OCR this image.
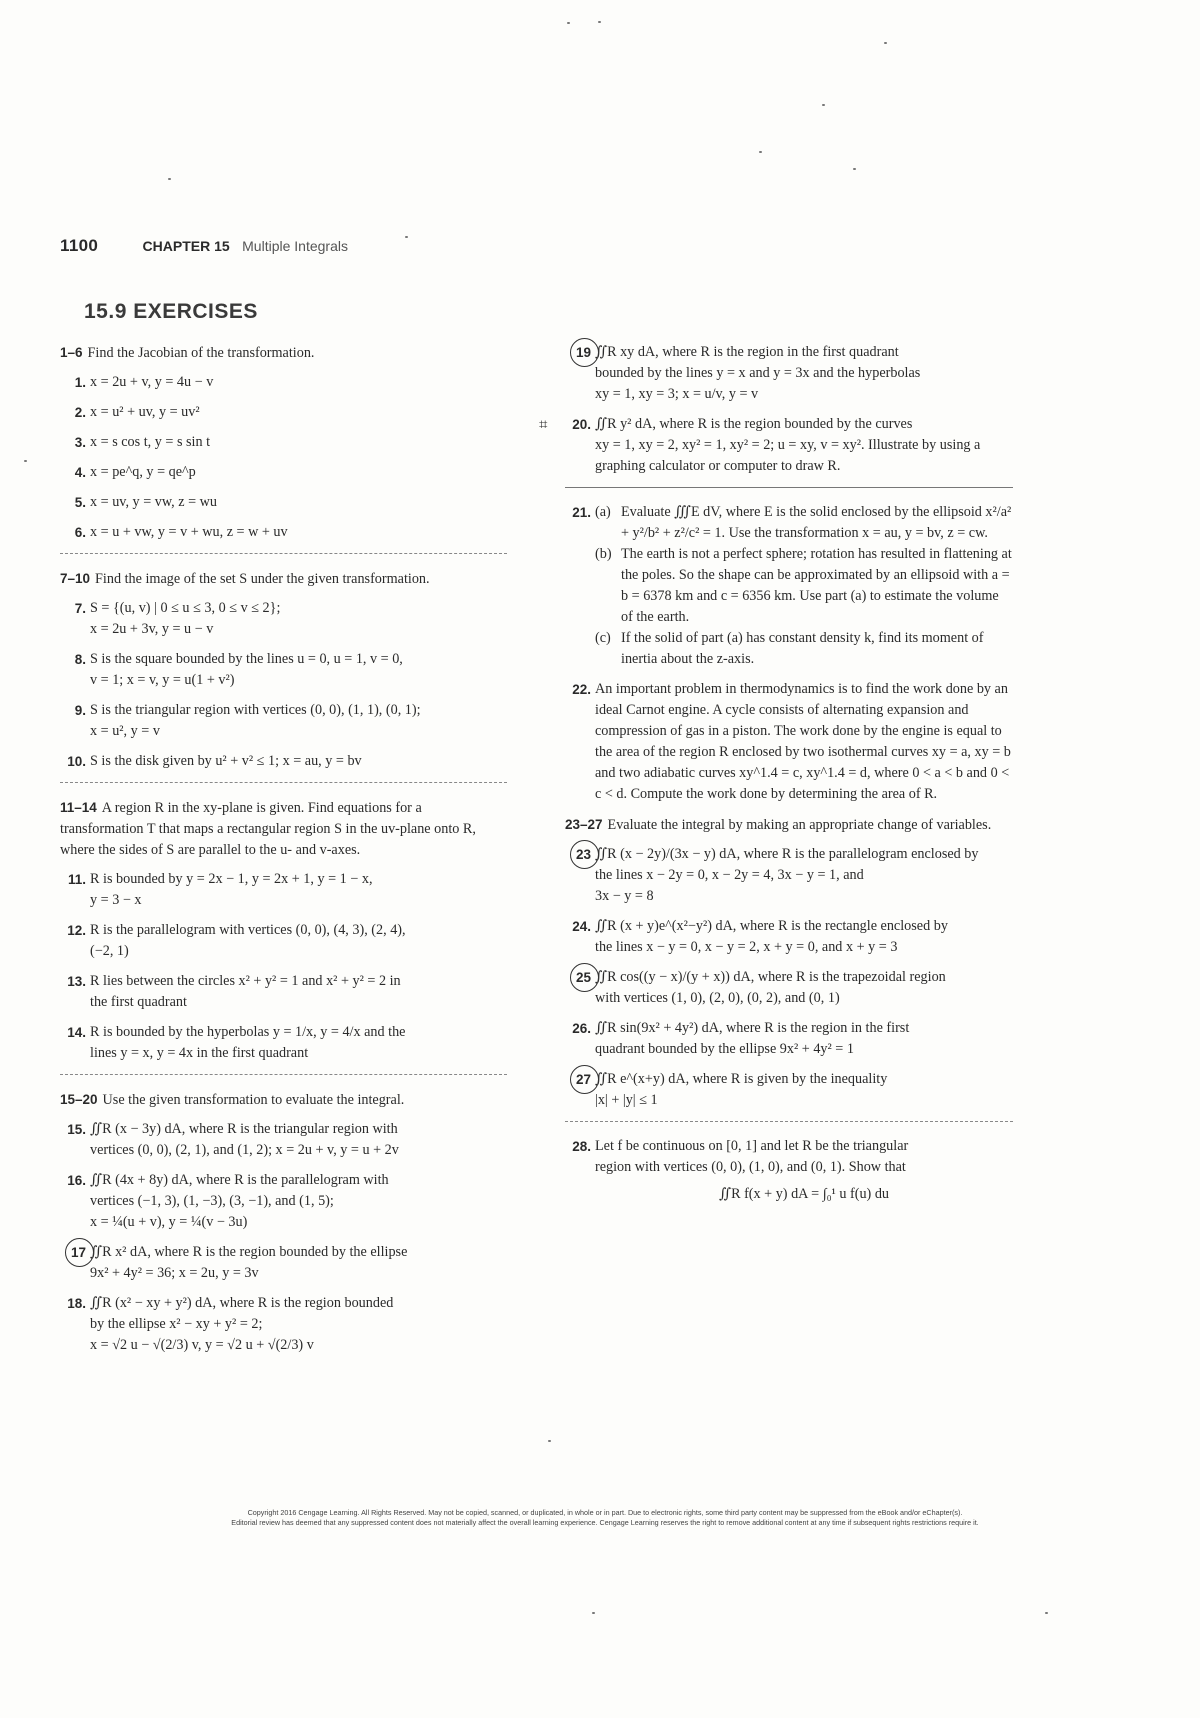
1100	CHAPTER 15 Multiple Integrals
15.9 EXERCISES
1–6 Find the Jacobian of the transformation.
1. x = 2u + v, y = 4u − v
2. x = u² + uv, y = uv²
3. x = s cos t, y = s sin t
4. x = pe^q, y = qe^p
5. x = uv, y = vw, z = wu
6. x = u + vw, y = v + wu, z = w + uv
7–10 Find the image of the set S under the given transformation.
7. S = {(u, v) | 0 ≤ u ≤ 3, 0 ≤ v ≤ 2};
x = 2u + 3v, y = u − v
8. S is the square bounded by the lines u = 0, u = 1, v = 0,
v = 1; x = v, y = u(1 + v²)
9. S is the triangular region with vertices (0, 0), (1, 1), (0, 1);
x = u², y = v
10. S is the disk given by u² + v² ≤ 1; x = au, y = bv
11–14 A region R in the xy-plane is given. Find equations for a transformation T that maps a rectangular region S in the uv-plane onto R, where the sides of S are parallel to the u- and v-axes.
11. R is bounded by y = 2x − 1, y = 2x + 1, y = 1 − x,
y = 3 − x
12. R is the parallelogram with vertices (0, 0), (4, 3), (2, 4),
(−2, 1)
13. R lies between the circles x² + y² = 1 and x² + y² = 2 in
the first quadrant
14. R is bounded by the hyperbolas y = 1/x, y = 4/x and the
lines y = x, y = 4x in the first quadrant
15–20 Use the given transformation to evaluate the integral.
15. ∬R (x − 3y) dA, where R is the triangular region with
vertices (0, 0), (2, 1), and (1, 2); x = 2u + v, y = u + 2v
16. ∬R (4x + 8y) dA, where R is the parallelogram with
vertices (−1, 3), (1, −3), (3, −1), and (1, 5);
x = ¼(u + v), y = ¼(v − 3u)
17 ∬R x² dA, where R is the region bounded by the ellipse
9x² + 4y² = 36; x = 2u, y = 3v
18. ∬R (x² − xy + y²) dA, where R is the region bounded
by the ellipse x² − xy + y² = 2;
x = √2 u − √(2/3) v, y = √2 u + √(2/3) v
19 ∬R xy dA, where R is the region in the first quadrant
bounded by the lines y = x and y = 3x and the hyperbolas
xy = 1, xy = 3; x = u/v, y = v
⌗	20. ∬R y² dA, where R is the region bounded by the curves
xy = 1, xy = 2, xy² = 1, xy² = 2; u = xy, v = xy². Illustrate by using a graphing calculator or computer to draw R.
21. (a) Evaluate ∭E dV, where E is the solid enclosed by the ellipsoid x²/a² + y²/b² + z²/c² = 1. Use the transformation x = au, y = bv, z = cw.
(b) The earth is not a perfect sphere; rotation has resulted in flattening at the poles. So the shape can be approximated by an ellipsoid with a = b = 6378 km and c = 6356 km. Use part (a) to estimate the volume of the earth.
(c) If the solid of part (a) has constant density k, find its moment of inertia about the z-axis.
22. An important problem in thermodynamics is to find the work done by an ideal Carnot engine. A cycle consists of alternating expansion and compression of gas in a piston. The work done by the engine is equal to the area of the region R enclosed by two isothermal curves xy = a, xy = b and two adiabatic curves xy^1.4 = c, xy^1.4 = d, where 0 < a < b and 0 < c < d. Compute the work done by determining the area of R.
23–27 Evaluate the integral by making an appropriate change of variables.
23 ∬R (x − 2y)/(3x − y) dA, where R is the parallelogram enclosed by
the lines x − 2y = 0, x − 2y = 4, 3x − y = 1, and
3x − y = 8
24. ∬R (x + y)e^(x²−y²) dA, where R is the rectangle enclosed by
the lines x − y = 0, x − y = 2, x + y = 0, and x + y = 3
25 ∬R cos((y − x)/(y + x)) dA, where R is the trapezoidal region
with vertices (1, 0), (2, 0), (0, 2), and (0, 1)
26. ∬R sin(9x² + 4y²) dA, where R is the region in the first
quadrant bounded by the ellipse 9x² + 4y² = 1
27 ∬R e^(x+y) dA, where R is given by the inequality
|x| + |y| ≤ 1
28. Let f be continuous on [0, 1] and let R be the triangular
region with vertices (0, 0), (1, 0), and (0, 1). Show that
∬R f(x + y) dA = ∫₀¹ u f(u) du
Copyright 2016 Cengage Learning. All Rights Reserved. May not be copied, scanned, or duplicated, in whole or in part. Due to electronic rights, some third party content may be suppressed from the eBook and/or eChapter(s).
Editorial review has deemed that any suppressed content does not materially affect the overall learning experience. Cengage Learning reserves the right to remove additional content at any time if subsequent rights restrictions require it.
